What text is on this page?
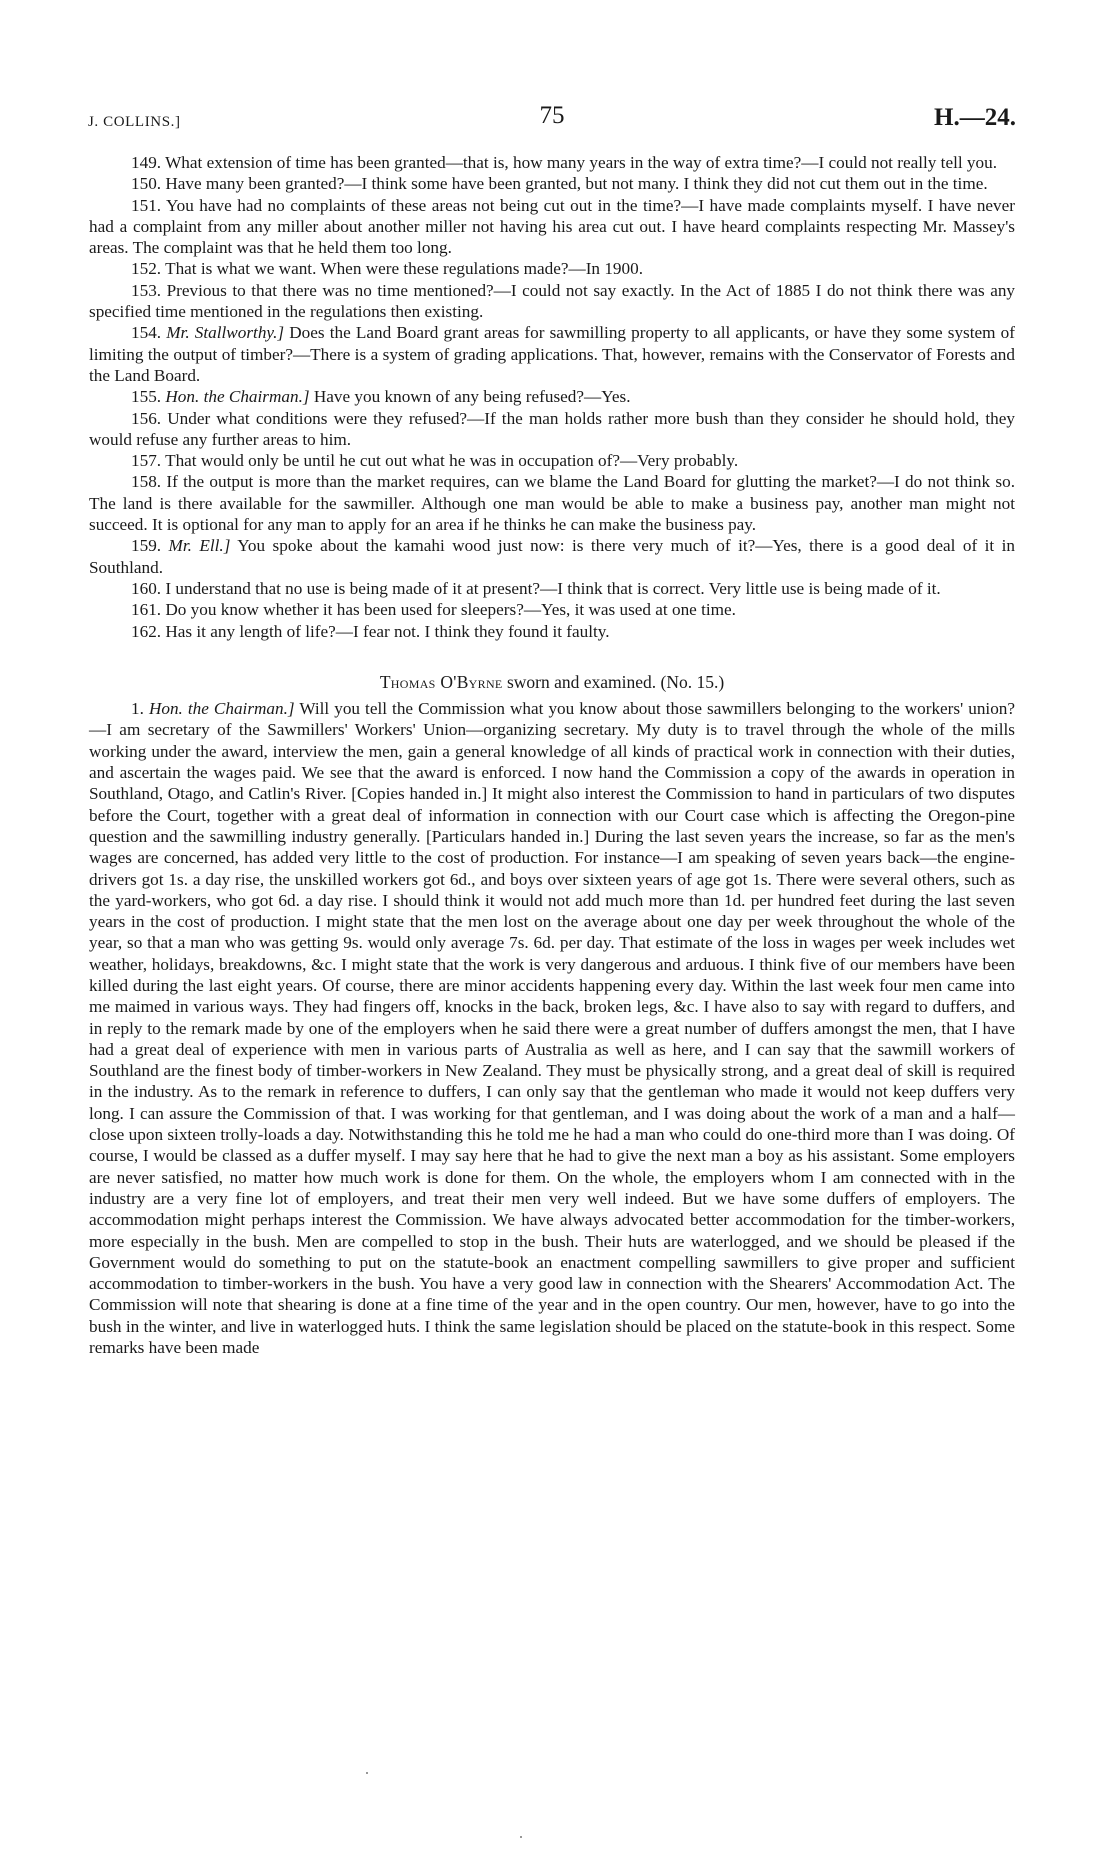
J. COLLINS.]	75	H.—24.

149. What extension of time has been granted—that is, how many years in the way of extra time?—I could not really tell you.

150. Have many been granted?—I think some have been granted, but not many. I think they did not cut them out in the time.

151. You have had no complaints of these areas not being cut out in the time?—I have made complaints myself. I have never had a complaint from any miller about another miller not having his area cut out. I have heard complaints respecting Mr. Massey's areas. The complaint was that he held them too long.

152. That is what we want. When were these regulations made?—In 1900.

153. Previous to that there was no time mentioned?—I could not say exactly. In the Act of 1885 I do not think there was any specified time mentioned in the regulations then existing.

154. Mr. Stallworthy.] Does the Land Board grant areas for sawmilling property to all applicants, or have they some system of limiting the output of timber?—There is a system of grading applications. That, however, remains with the Conservator of Forests and the Land Board.

155. Hon. the Chairman.] Have you known of any being refused?—Yes.

156. Under what conditions were they refused?—If the man holds rather more bush than they consider he should hold, they would refuse any further areas to him.

157. That would only be until he cut out what he was in occupation of?—Very probably.

158. If the output is more than the market requires, can we blame the Land Board for glutting the market?—I do not think so. The land is there available for the sawmiller. Although one man would be able to make a business pay, another man might not succeed. It is optional for any man to apply for an area if he thinks he can make the business pay.

159. Mr. Ell.] You spoke about the kamahi wood just now: is there very much of it?—Yes, there is a good deal of it in Southland.

160. I understand that no use is being made of it at present?—I think that is correct. Very little use is being made of it.

161. Do you know whether it has been used for sleepers?—Yes, it was used at one time.

162. Has it any length of life?—I fear not. I think they found it faulty.

Thomas O'Byrne sworn and examined. (No. 15.)

1. Hon. the Chairman.] Will you tell the Commission what you know about those sawmillers belonging to the workers' union?—I am secretary of the Sawmillers' Workers' Union—organizing secretary. My duty is to travel through the whole of the mills working under the award, interview the men, gain a general knowledge of all kinds of practical work in connection with their duties, and ascertain the wages paid. We see that the award is enforced. I now hand the Commission a copy of the awards in operation in Southland, Otago, and Catlin's River. [Copies handed in.] It might also interest the Commission to hand in particulars of two disputes before the Court, together with a great deal of information in connection with our Court case which is affecting the Oregon-pine question and the sawmilling industry generally. [Particulars handed in.] During the last seven years the increase, so far as the men's wages are concerned, has added very little to the cost of production. For instance—I am speaking of seven years back—the engine-drivers got 1s. a day rise, the unskilled workers got 6d., and boys over sixteen years of age got 1s. There were several others, such as the yard-workers, who got 6d. a day rise. I should think it would not add much more than 1d. per hundred feet during the last seven years in the cost of production. I might state that the men lost on the average about one day per week throughout the whole of the year, so that a man who was getting 9s. would only average 7s. 6d. per day. That estimate of the loss in wages per week includes wet weather, holidays, breakdowns, &c. I might state that the work is very dangerous and arduous. I think five of our members have been killed during the last eight years. Of course, there are minor accidents happening every day. Within the last week four men came into me maimed in various ways. They had fingers off, knocks in the back, broken legs, &c. I have also to say with regard to duffers, and in reply to the remark made by one of the employers when he said there were a great number of duffers amongst the men, that I have had a great deal of experience with men in various parts of Australia as well as here, and I can say that the sawmill workers of Southland are the finest body of timber-workers in New Zealand. They must be physically strong, and a great deal of skill is required in the industry. As to the remark in reference to duffers, I can only say that the gentleman who made it would not keep duffers very long. I can assure the Commission of that. I was working for that gentleman, and I was doing about the work of a man and a half—close upon sixteen trolly-loads a day. Notwithstanding this he told me he had a man who could do one-third more than I was doing. Of course, I would be classed as a duffer myself. I may say here that he had to give the next man a boy as his assistant. Some employers are never satisfied, no matter how much work is done for them. On the whole, the employers whom I am connected with in the industry are a very fine lot of employers, and treat their men very well indeed. But we have some duffers of employers. The accommodation might perhaps interest the Commission. We have always advocated better accommodation for the timber-workers, more especially in the bush. Men are compelled to stop in the bush. Their huts are waterlogged, and we should be pleased if the Government would do something to put on the statute-book an enactment compelling sawmillers to give proper and sufficient accommodation to timber-workers in the bush. You have a very good law in connection with the Shearers' Accommodation Act. The Commission will note that shearing is done at a fine time of the year and in the open country. Our men, however, have to go into the bush in the winter, and live in waterlogged huts. I think the same legislation should be placed on the statute-book in this respect. Some remarks have been made
